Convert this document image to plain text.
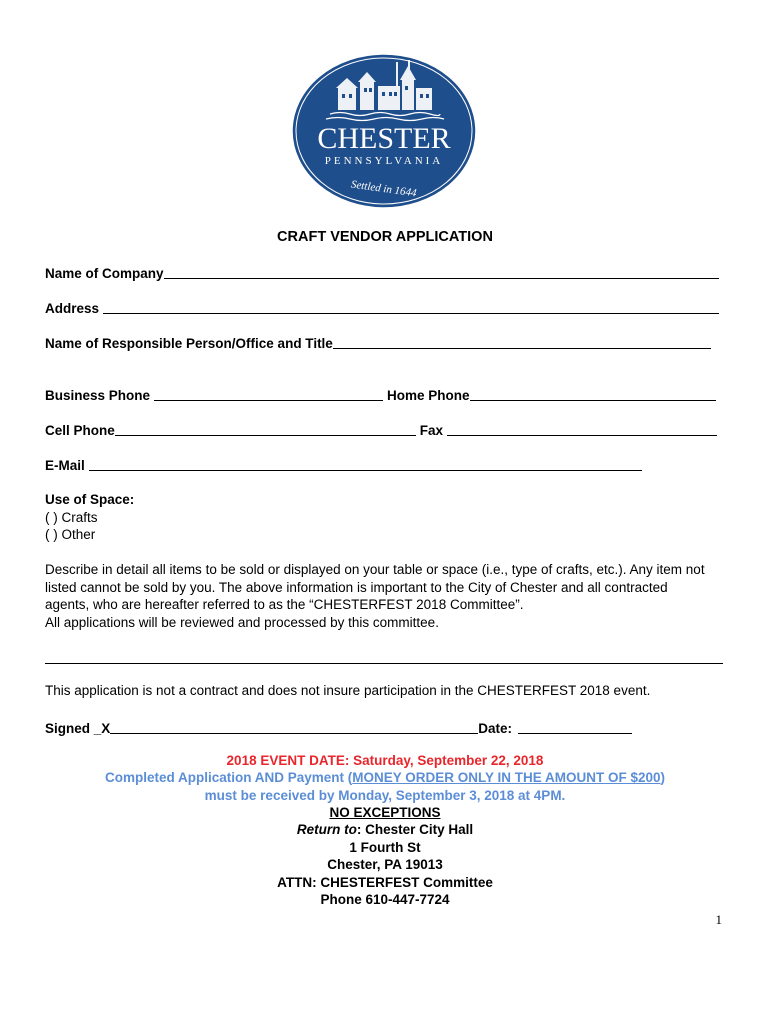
CHESTER
PENNSYLVANIA
Settled in 1644
CRAFT VENDOR APPLICATION
Name of Company
Address
Name of Responsible Person/Office and Title
Business Phone	Home Phone
Cell Phone	Fax
E-Mail
Use of Space:
( ) Crafts
( ) Other
Describe in detail all items to be sold or displayed on your table or space (i.e., type of crafts, etc.). Any item not
listed cannot be sold by you. The above information is important to the City of Chester and all contracted
agents, who are hereafter referred to as the “CHESTERFEST 2018 Committee”.
All applications will be reviewed and processed by this committee.
This application is not a contract and does not insure participation in the CHESTERFEST 2018 event.
Signed _X	Date:
2018 EVENT DATE: Saturday, September 22, 2018
Completed Application AND Payment (MONEY ORDER ONLY IN THE AMOUNT OF $200)
must be received by Monday, September 3, 2018 at 4PM.
NO EXCEPTIONS
Return to: Chester City Hall
1 Fourth St
Chester, PA 19013
ATTN: CHESTERFEST Committee
Phone 610-447-7724
1
